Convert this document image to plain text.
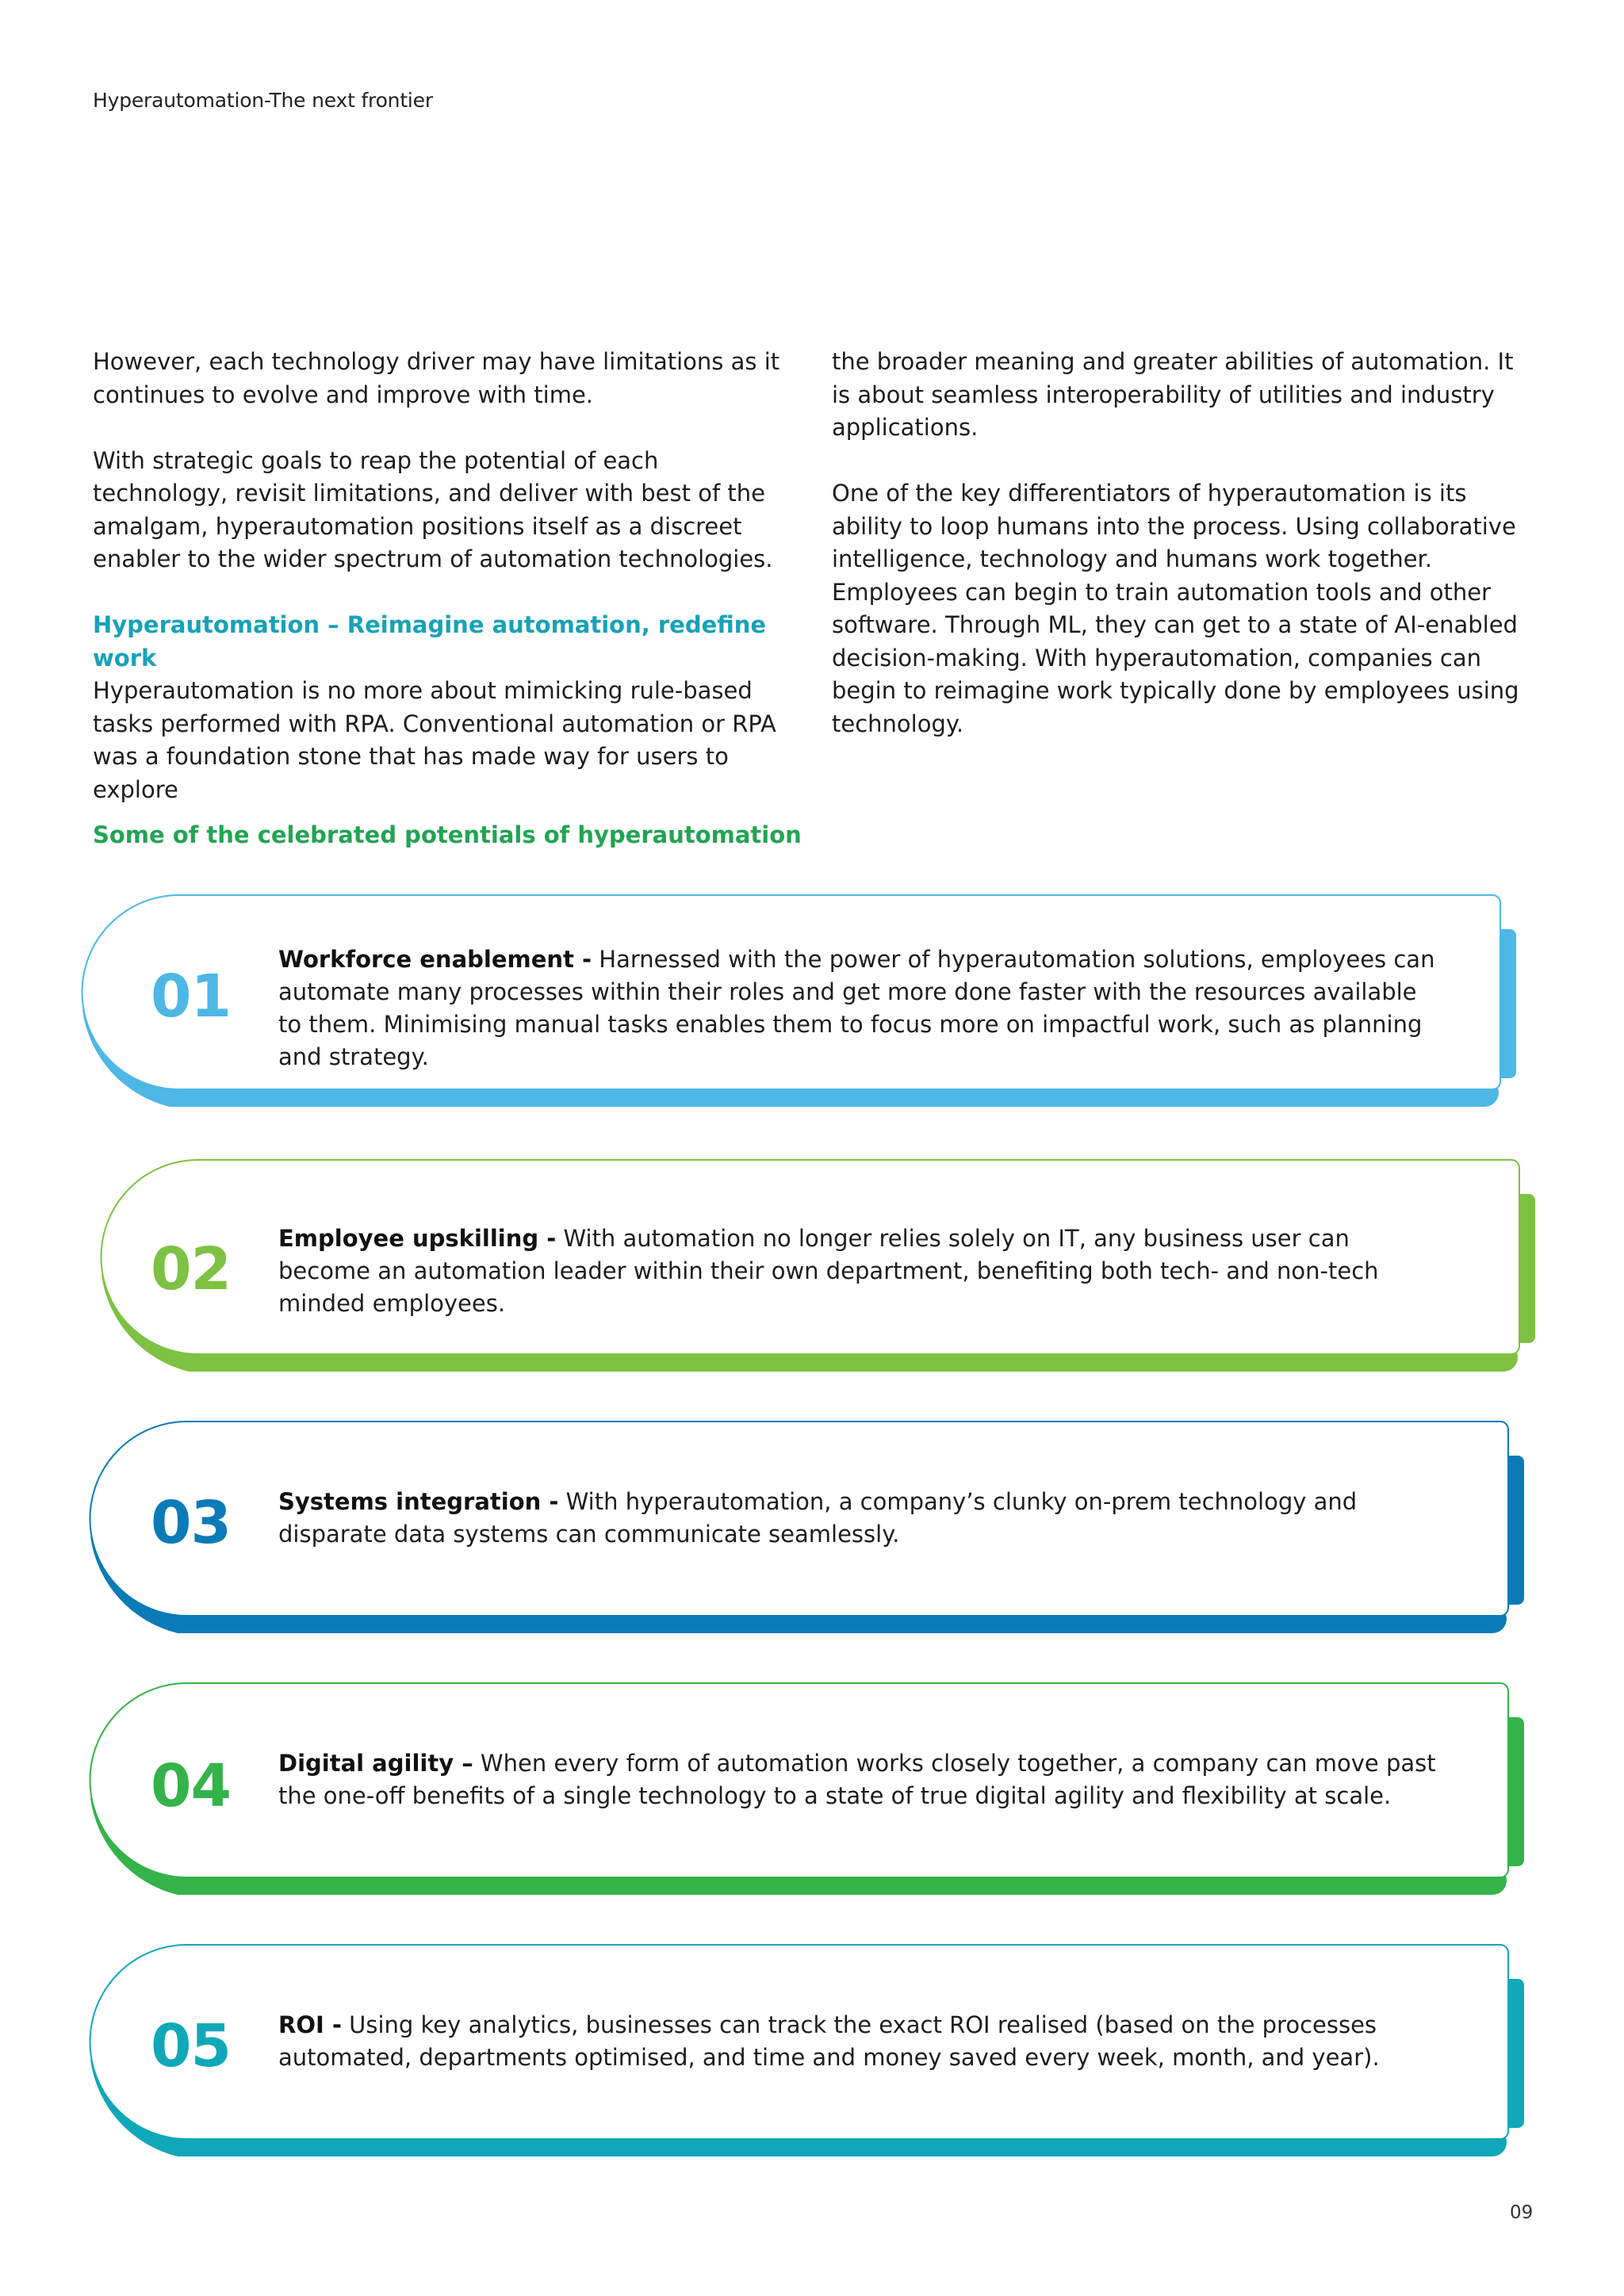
Hyperautomation-The next frontier

However, each technology driver may have limitations as it continues to evolve and improve with time.

With strategic goals to reap the potential of each technology, revisit limitations, and deliver with best of the amalgam, hyperautomation positions itself as a discreet enabler to the wider spectrum of automation technologies.

Hyperautomation – Reimagine automation, redefine work
Hyperautomation is no more about mimicking rule-based tasks performed with RPA. Conventional automation or RPA was a foundation stone that has made way for users to explore

the broader meaning and greater abilities of automation. It is about seamless interoperability of utilities and industry applications.

One of the key differentiators of hyperautomation is its ability to loop humans into the process. Using collaborative intelligence, technology and humans work together. Employees can begin to train automation tools and other software. Through ML, they can get to a state of AI-enabled decision-making. With hyperautomation, companies can begin to reimagine work typically done by employees using technology.

Some of the celebrated potentials of hyperautomation
01
Workforce enablement - Harnessed with the power of hyperautomation solutions, employees can automate many processes within their roles and get more done faster with the resources available to them. Minimising manual tasks enables them to focus more on impactful work, such as planning and strategy.
02 Employee upskilling - With automation no longer relies solely on IT, any business user can become an automation leader within their own department, benefiting both tech- and non-tech minded employees.
03 Systems integration - With hyperautomation, a company’s clunky on-prem technology and disparate data systems can communicate seamlessly.
04 Digital agility – When every form of automation works closely together, a company can move past the one-off benefits of a single technology to a state of true digital agility and flexibility at scale.
05 ROI - Using key analytics, businesses can track the exact ROI realised (based on the processes automated, departments optimised, and time and money saved every week, month, and year).
09
